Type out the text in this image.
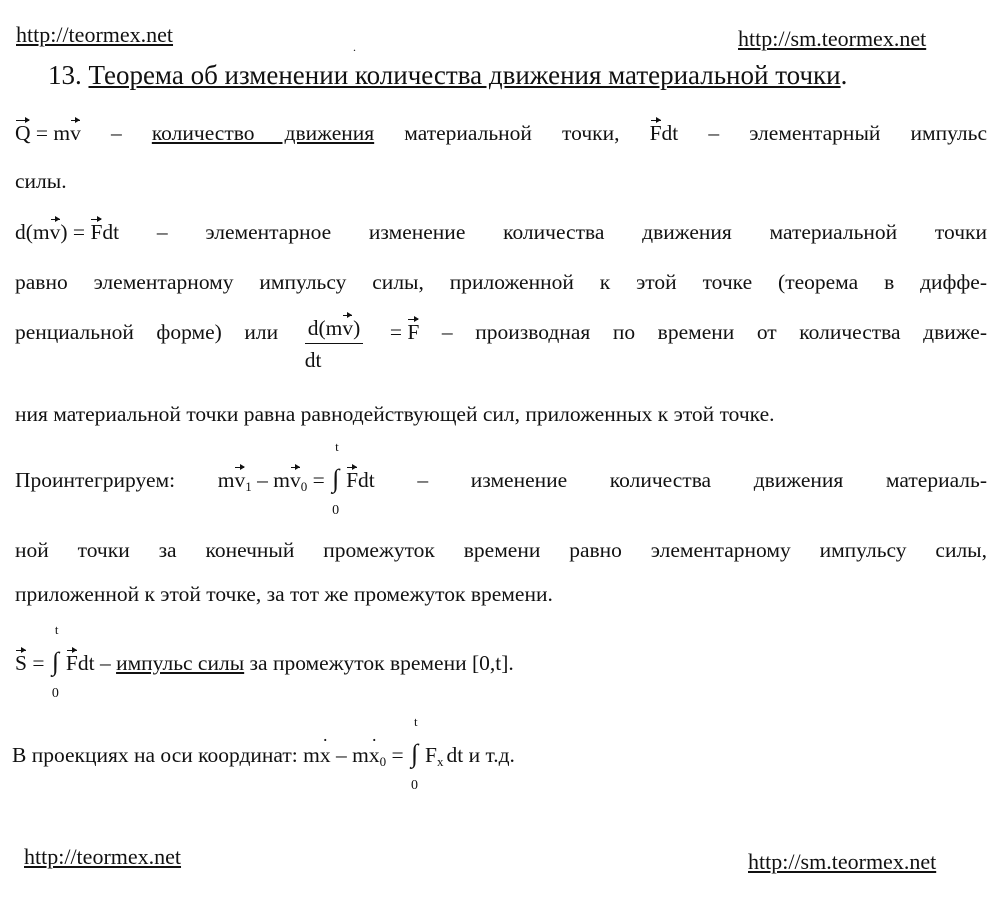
http://teormex.net	.	http://sm.teormex.net
13. Теорема об изменении количества движения материальной точки.
Q = mv – количество движения материальной точки, Fdt – элементарный импульс
силы.
d(mv) = Fdt – элементарное изменение количества движения материальной точки
равно элементарному импульсу силы, приложенной к этой точке (теорема в диффе-
ренциальной форме) или $\frac{d(mv)}{dt} = F$ – производная по времени от количества движе-
ния материальной точки равна равнодействующей сил, приложенных к этой точке.
Проинтегрируем: $mv_1 - mv_0$ =
t
∫
0
Fdt – изменение количества движения материаль-
ной точки за конечный промежуток времени равно элементарному импульсу силы,
приложенной к этой точке, за тот же промежуток времени.
S =
t
∫
0
Fdt – импульс силы за промежуток времени [0,t].
В проекциях на оси координат: $m\cdot x - m\cdot x_0$ =
t
∫
0
$F_x$ dt и т.д.
http://teormex.net	http://sm.teormex.net
